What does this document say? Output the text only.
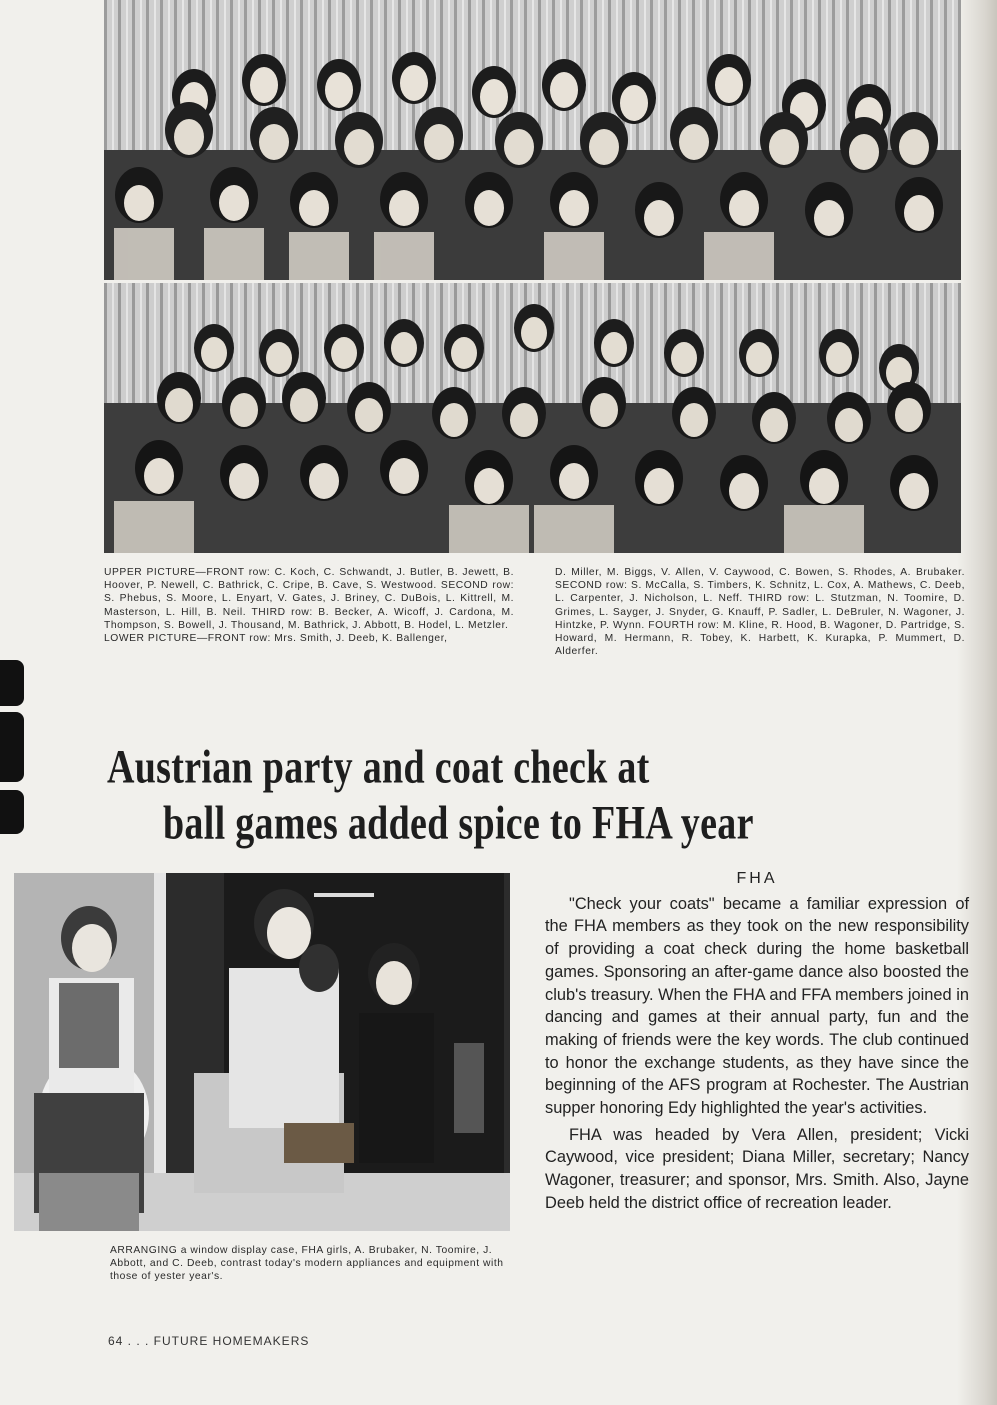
UPPER PICTURE—FRONT row: C. Koch, C. Schwandt, J. Butler, B. Jewett, B. Hoover, P. Newell, C. Bathrick, C. Cripe, B. Cave, S. Westwood. SECOND row: S. Phebus, S. Moore, L. Enyart, V. Gates, J. Briney, C. DuBois, L. Kittrell, M. Masterson, L. Hill, B. Neil. THIRD row: B. Becker, A. Wicoff, J. Cardona, M. Thompson, S. Bowell, J. Thousand, M. Bathrick, J. Abbott, B. Hodel, L. Metzler.

LOWER PICTURE—FRONT row: Mrs. Smith, J. Deeb, K. Ballenger,

D. Miller, M. Biggs, V. Allen, V. Caywood, C. Bowen, S. Rhodes, A. Brubaker. SECOND row: S. McCalla, S. Timbers, K. Schnitz, L. Cox, A. Mathews, C. Deeb, L. Carpenter, J. Nicholson, L. Neff. THIRD row: L. Stutzman, N. Toomire, D. Grimes, L. Sayger, J. Snyder, G. Knauff, P. Sadler, L. DeBruler, N. Wagoner, J. Hintzke, P. Wynn. FOURTH row: M. Kline, R. Hood, B. Wagoner, D. Partridge, S. Howard, M. Hermann, R. Tobey, K. Harbett, K. Kurapka, P. Mummert, D. Alderfer.

Austrian party and coat check at
ball games added spice to FHA year
ARRANGING a window display case, FHA girls, A. Brubaker, N. Toomire, J. Abbott, and C. Deeb, contrast today's modern appliances and equipment with those of yester year's.
FHA

"Check your coats" became a familiar expression of the FHA members as they took on the new responsibility of providing a coat check during the home basketball games. Sponsoring an after-game dance also boosted the club's treasury. When the FHA and FFA members joined in dancing and games at their annual party, fun and the making of friends were the key words. The club continued to honor the exchange students, as they have since the beginning of the AFS program at Rochester. The Austrian supper honoring Edy highlighted the year's activities.

FHA was headed by Vera Allen, president; Vicki Caywood, vice president; Diana Miller, secretary; Nancy Wagoner, treasurer; and sponsor, Mrs. Smith. Also, Jayne Deeb held the district office of recreation leader.

64 . . . FUTURE HOMEMAKERS
